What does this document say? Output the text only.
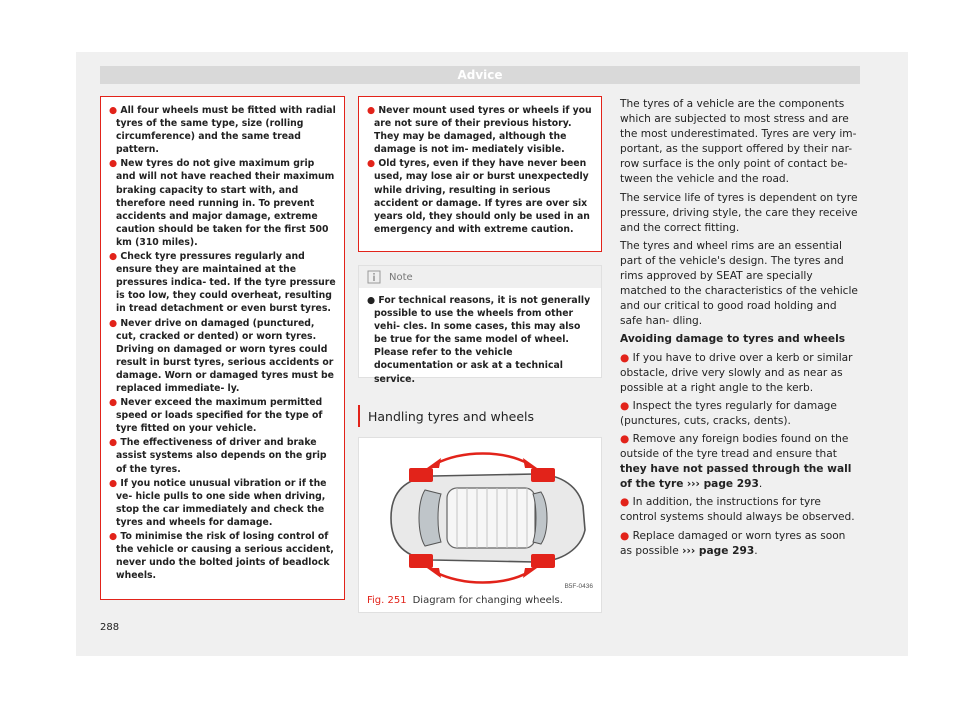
Advice
● All four wheels must be fitted with radial tyres of the same type, size (rolling circumference) and the same tread pattern.
● New tyres do not give maximum grip and will not have reached their maximum braking capacity to start with, and therefore need running in. To prevent accidents and major damage, extreme caution should be taken for the first 500 km (310 miles).
● Check tyre pressures regularly and ensure they are maintained at the pressures indica- ted. If the tyre pressure is too low, they could overheat, resulting in tread detachment or even burst tyres.
● Never drive on damaged (punctured, cut, cracked or dented) or worn tyres. Driving on damaged or worn tyres could result in burst tyres, serious accidents or damage. Worn or damaged tyres must be replaced immediate- ly.
● Never exceed the maximum permitted speed or loads specified for the type of tyre fitted on your vehicle.
● The effectiveness of driver and brake assist systems also depends on the grip of the tyres.
● If you notice unusual vibration or if the ve- hicle pulls to one side when driving, stop the car immediately and check the tyres and wheels for damage.
● To minimise the risk of losing control of the vehicle or causing a serious accident, never undo the bolted joints of beadlock wheels.
● Never mount used tyres or wheels if you are not sure of their previous history. They may be damaged, although the damage is not im- mediately visible.
● Old tyres, even if they have never been used, may lose air or burst unexpectedly while driving, resulting in serious accident or damage. If tyres are over six years old, they should only be used in an emergency and with extreme caution.
Note
● For technical reasons, it is not generally possible to use the wheels from other vehi- cles. In some cases, this may also be true for the same model of wheel. Please refer to the vehicle documentation or ask at a technical service.
Handling tyres and wheels
B5F-0436
Fig. 251 Diagram for changing wheels.

The tyres of a vehicle are the components which are subjected to most stress and are the most underestimated. Tyres are very im- portant, as the support offered by their nar- row surface is the only point of contact be- tween the vehicle and the road.

The service life of tyres is dependent on tyre pressure, driving style, the care they receive and the correct fitting.

The tyres and wheel rims are an essential part of the vehicle's design. The tyres and rims approved by SEAT are specially matched to the characteristics of the vehicle and our critical to good road holding and safe han- dling.

Avoiding damage to tyres and wheels

● If you have to drive over a kerb or similar obstacle, drive very slowly and as near as possible at a right angle to the kerb.

● Inspect the tyres regularly for damage (punctures, cuts, cracks, dents).

● Remove any foreign bodies found on the outside of the tyre tread and ensure that they have not passed through the wall of the tyre ››› page 293.

● In addition, the instructions for tyre control systems should always be observed.

● Replace damaged or worn tyres as soon as possible ››› page 293.

288
